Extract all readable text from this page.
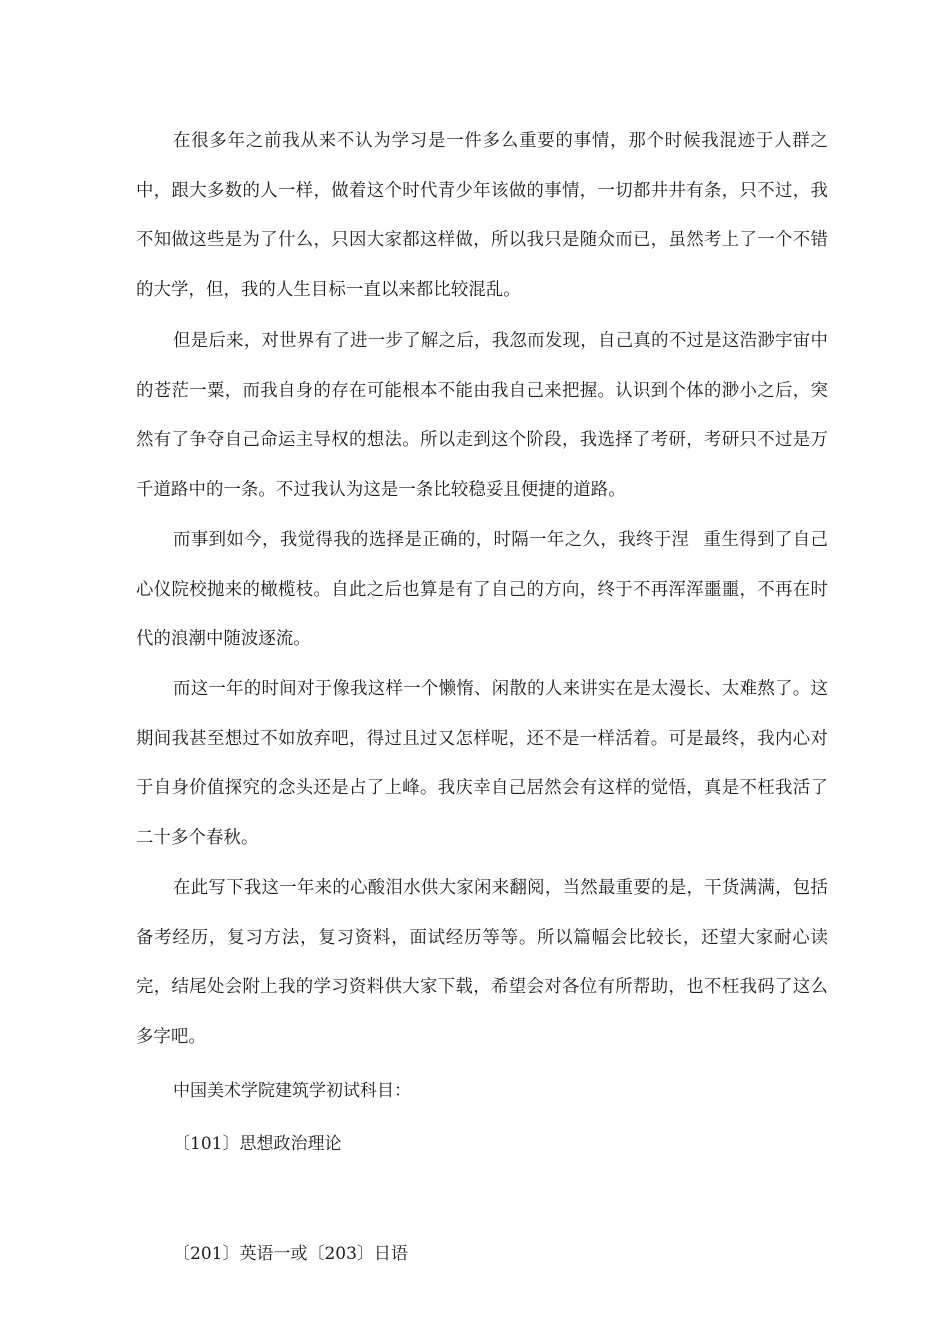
在很多年之前我从来不认为学习是一件多么重要的事情，那个时候我混迹于人群之中，跟大多数的人一样，做着这个时代青少年该做的事情，一切都井井有条，只不过，我不知做这些是为了什么，只因大家都这样做，所以我只是随众而已，虽然考上了一个不错的大学，但，我的人生目标一直以来都比较混乱。

但是后来，对世界有了进一步了解之后，我忽而发现，自己真的不过是这浩渺宇宙中的苍茫一粟，而我自身的存在可能根本不能由我自己来把握。认识到个体的渺小之后，突然有了争夺自己命运主导权的想法。所以走到这个阶段，我选择了考研，考研只不过是万千道路中的一条。不过我认为这是一条比较稳妥且便捷的道路。

而事到如今，我觉得我的选择是正确的，时隔一年之久，我终于涅 重生得到了自己心仪院校抛来的橄榄枝。自此之后也算是有了自己的方向，终于不再浑浑噩噩，不再在时代的浪潮中随波逐流。

而这一年的时间对于像我这样一个懒惰、闲散的人来讲实在是太漫长、太难熬了。这期间我甚至想过不如放弃吧，得过且过又怎样呢，还不是一样活着。可是最终，我内心对于自身价值探究的念头还是占了上峰。我庆幸自己居然会有这样的觉悟，真是不枉我活了二十多个春秋。

在此写下我这一年来的心酸泪水供大家闲来翻阅，当然最重要的是，干货满满，包括备考经历，复习方法，复习资料，面试经历等等。所以篇幅会比较长，还望大家耐心读完，结尾处会附上我的学习资料供大家下载，希望会对各位有所帮助，也不枉我码了这么多字吧。

中国美术学院建筑学初试科目：

〔101〕思想政治理论

〔201〕英语一或〔203〕日语
